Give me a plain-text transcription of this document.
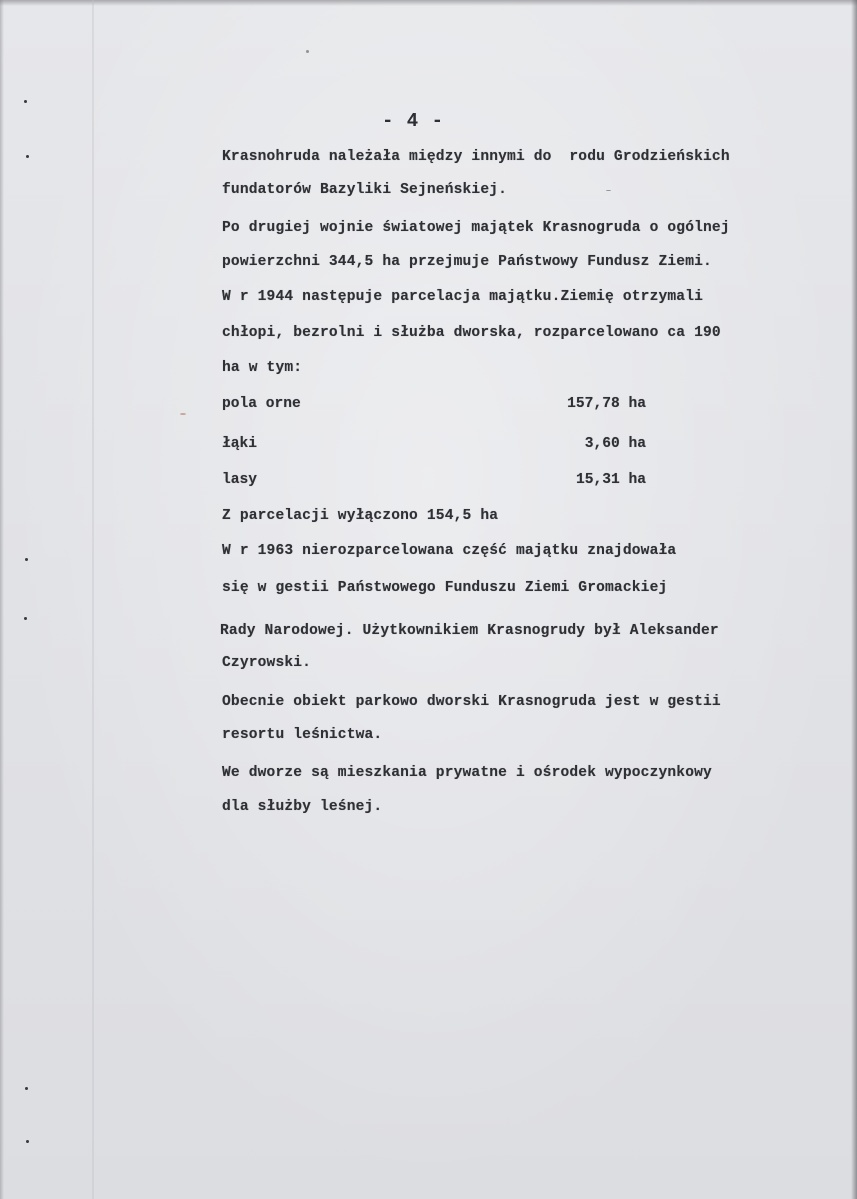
- 4 -
Krasnohruda należała między innymi do  rodu Grodzieńskich
fundatorów Bazyliki Sejneńskiej.
Po drugiej wojnie światowej majątek Krasnogruda o ogólnej
powierzchni 344,5 ha przejmuje Państwowy Fundusz Ziemi.
W r 1944 następuje parcelacja majątku.Ziemię otrzymali
chłopi, bezrolni i służba dworska, rozparcelowano ca 190
ha w tym:
pola orne	157,78 ha
łąki	3,60 ha
lasy	15,31 ha
Z parcelacji wyłączono 154,5 ha
W r 1963 nierozparcelowana część majątku znajdowała
się w gestii Państwowego Funduszu Ziemi Gromackiej
Rady Narodowej. Użytkownikiem Krasnogrudy był Aleksander
Czyrowski.
Obecnie obiekt parkowo dworski Krasnogruda jest w gestii
resortu leśnictwa.
We dworze są mieszkania prywatne i ośrodek wypoczynkowy
dla służby leśnej.
